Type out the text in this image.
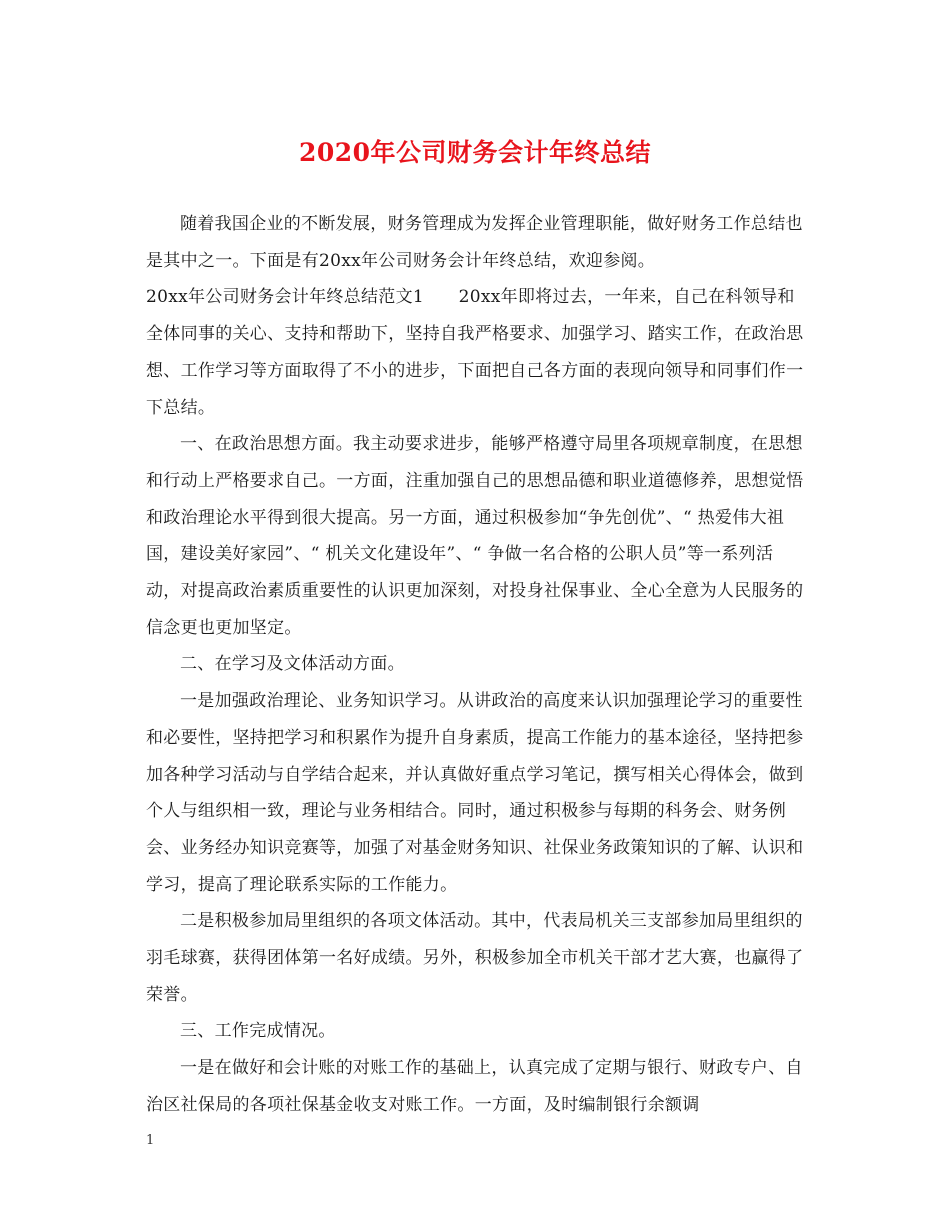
2020年公司财务会计年终总结

随着我国企业的不断发展，财务管理成为发挥企业管理职能，做好财务工作总结也是其中之一。下面是有20xx年公司财务会计年终总结，欢迎参阅。

20xx年公司财务会计年终总结范文1　　20xx年即将过去，一年来，自己在科领导和全体同事的关心、支持和帮助下，坚持自我严格要求、加强学习、踏实工作，在政治思想、工作学习等方面取得了不小的进步，下面把自己各方面的表现向领导和同事们作一下总结。

一、在政治思想方面。我主动要求进步，能够严格遵守局里各项规章制度，在思想和行动上严格要求自己。一方面，注重加强自己的思想品德和职业道德修养，思想觉悟和政治理论水平得到很大提高。另一方面，通过积极参加“争先创优”、“ 热爱伟大祖国，建设美好家园”、“ 机关文化建设年”、“ 争做一名合格的公职人员”等一系列活动，对提高政治素质重要性的认识更加深刻，对投身社保事业、全心全意为人民服务的信念更也更加坚定。

二、在学习及文体活动方面。

一是加强政治理论、业务知识学习。从讲政治的高度来认识加强理论学习的重要性和必要性，坚持把学习和积累作为提升自身素质，提高工作能力的基本途径，坚持把参加各种学习活动与自学结合起来，并认真做好重点学习笔记，撰写相关心得体会，做到个人与组织相一致，理论与业务相结合。同时，通过积极参与每期的科务会、财务例会、业务经办知识竞赛等，加强了对基金财务知识、社保业务政策知识的了解、认识和学习，提高了理论联系实际的工作能力。

二是积极参加局里组织的各项文体活动。其中，代表局机关三支部参加局里组织的羽毛球赛，获得团体第一名好成绩。另外，积极参加全市机关干部才艺大赛，也赢得了荣誉。

三、工作完成情况。

一是在做好和会计账的对账工作的基础上，认真完成了定期与银行、财政专户、自治区社保局的各项社保基金收支对账工作。一方面，及时编制银行余额调

1
